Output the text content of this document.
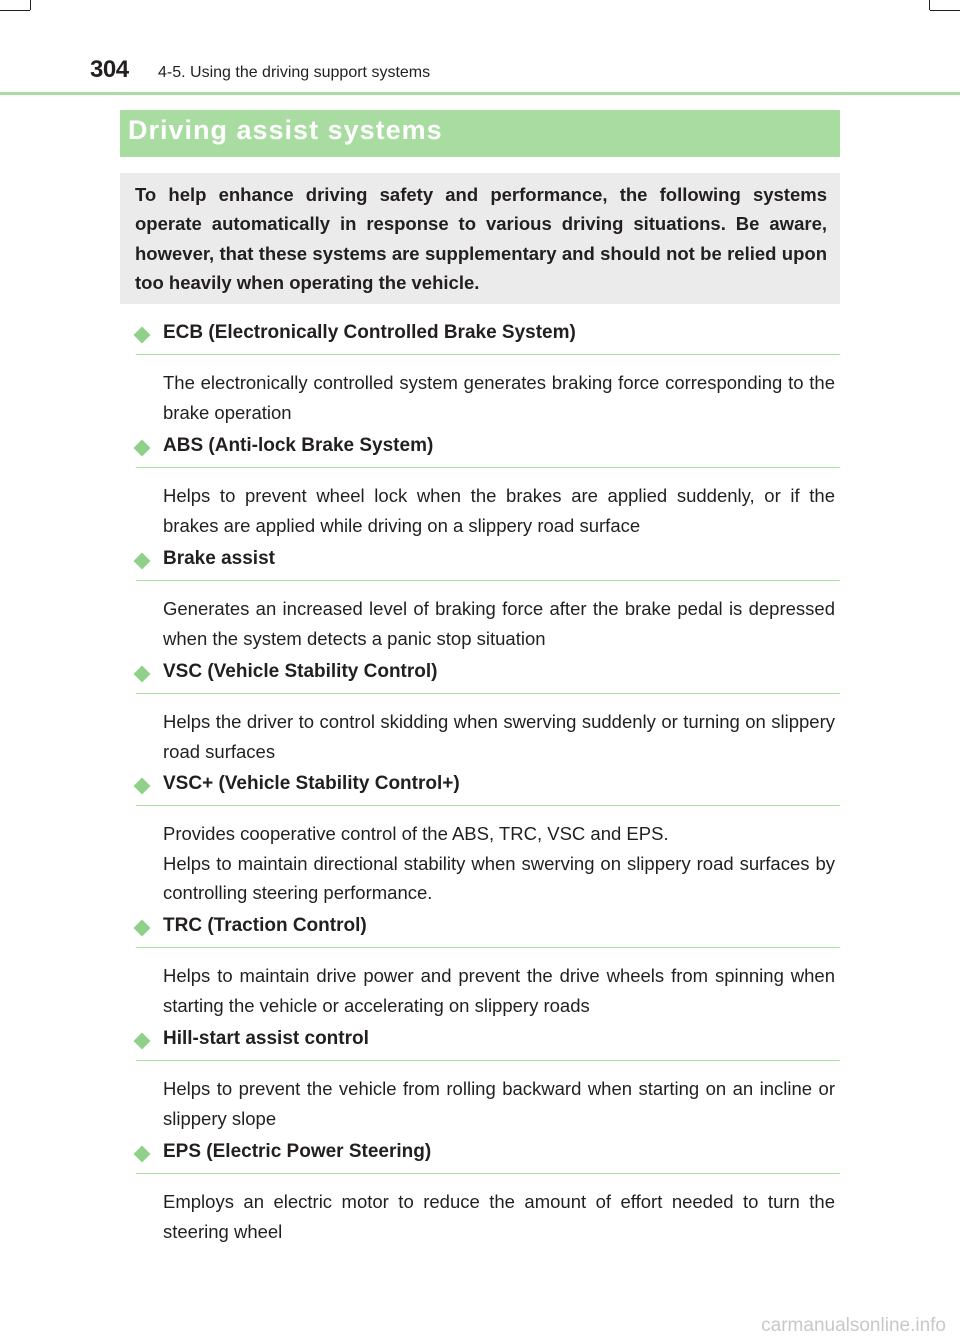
304 4-5. Using the driving support systems
Driving assist systems

To help enhance driving safety and performance, the following systems operate automatically in response to various driving situations. Be aware, however, that these systems are supplementary and should not be relied upon too heavily when operating the vehicle.

ECB (Electronically Controlled Brake System)

The electronically controlled system generates braking force corresponding to the brake operation

ABS (Anti-lock Brake System)

Helps to prevent wheel lock when the brakes are applied suddenly, or if the brakes are applied while driving on a slippery road surface

Brake assist

Generates an increased level of braking force after the brake pedal is depressed when the system detects a panic stop situation

VSC (Vehicle Stability Control)

Helps the driver to control skidding when swerving suddenly or turning on slippery road surfaces

VSC+ (Vehicle Stability Control+)

Provides cooperative control of the ABS, TRC, VSC and EPS.

Helps to maintain directional stability when swerving on slippery road surfaces by controlling steering performance.

TRC (Traction Control)

Helps to maintain drive power and prevent the drive wheels from spinning when starting the vehicle or accelerating on slippery roads

Hill-start assist control

Helps to prevent the vehicle from rolling backward when starting on an incline or slippery slope

EPS (Electric Power Steering)

Employs an electric motor to reduce the amount of effort needed to turn the steering wheel

carmanualsonline.info
